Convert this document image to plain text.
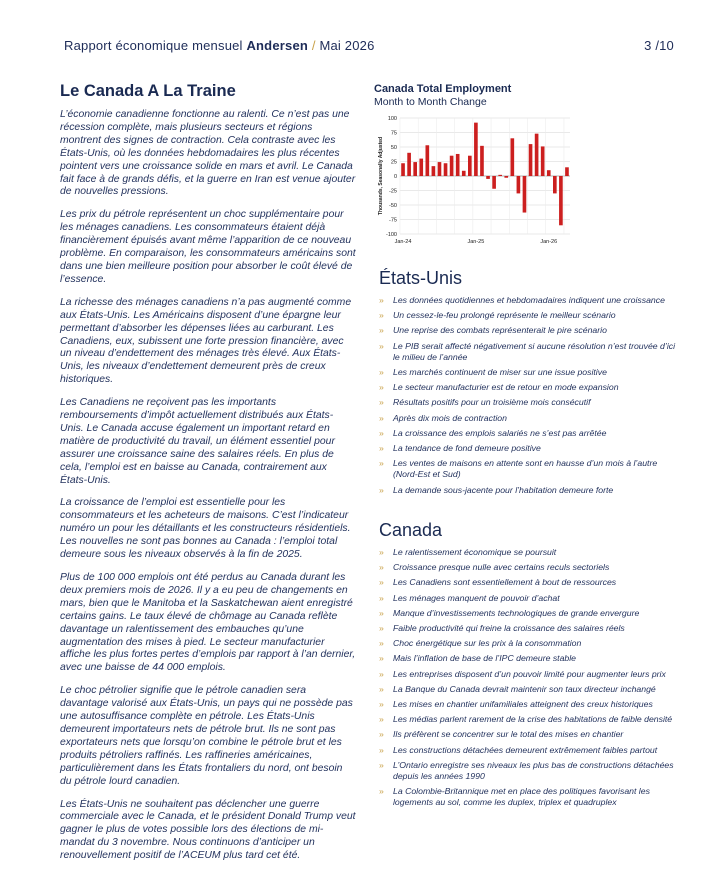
Rapport économique mensuel Andersen / Mai 2026	3 /10
Le Canada A La Traine

L’économie canadienne fonctionne au ralenti. Ce n’est pas une récession complète, mais plusieurs secteurs et régions montrent des signes de contraction. Cela contraste avec les États-Unis, où les données hebdomadaires les plus récentes pointent vers une croissance solide en mars et avril. Le Canada fait face à de grands défis, et la guerre en Iran est venue ajouter de nouvelles pressions.

Les prix du pétrole représentent un choc supplémentaire pour les ménages canadiens. Les consommateurs étaient déjà financièrement épuisés avant même l’apparition de ce nouveau problème. En comparaison, les consommateurs américains sont dans une bien meilleure position pour absorber le coût élevé de l’essence.

La richesse des ménages canadiens n’a pas augmenté comme aux États-Unis. Les Américains disposent d’une épargne leur permettant d’absorber les dépenses liées au carburant. Les Canadiens, eux, subissent une forte pression financière, avec un niveau d’endettement des ménages très élevé. Aux États-Unis, les niveaux d’endettement demeurent près de creux historiques.

Les Canadiens ne reçoivent pas les importants remboursements d’impôt actuellement distribués aux États-Unis. Le Canada accuse également un important retard en matière de productivité du travail, un élément essentiel pour assurer une croissance saine des salaires réels. En plus de cela, l’emploi est en baisse au Canada, contrairement aux États-Unis.

La croissance de l’emploi est essentielle pour les consommateurs et les acheteurs de maisons. C’est l’indicateur numéro un pour les détaillants et les constructeurs résidentiels. Les nouvelles ne sont pas bonnes au Canada : l’emploi total demeure sous les niveaux observés à la fin de 2025.

Plus de 100 000 emplois ont été perdus au Canada durant les deux premiers mois de 2026. Il y a eu peu de changements en mars, bien que le Manitoba et la Saskatchewan aient enregistré certains gains. Le taux élevé de chômage au Canada reflète davantage un ralentissement des embauches qu’une augmentation des mises à pied. Le secteur manufacturier affiche les plus fortes pertes d’emplois par rapport à l’an dernier, avec une baisse de 44 000 emplois.

Le choc pétrolier signifie que le pétrole canadien sera davantage valorisé aux États-Unis, un pays qui ne possède pas une autosuffisance complète en pétrole. Les États-Unis demeurent importateurs nets de pétrole brut. Ils ne sont pas exportateurs nets que lorsqu’on combine le pétrole brut et les produits pétroliers raffinés. Les raffineries américaines, particulièrement dans les États frontaliers du nord, ont besoin du pétrole lourd canadien.

Les États-Unis ne souhaitent pas déclencher une guerre commerciale avec le Canada, et le président Donald Trump veut gagner le plus de votes possible lors des élections de mi-mandat du 3 novembre. Nous continuons d’anticiper un renouvellement positif de l’ACEUM plus tard cet été.

Canada Total Employment
Month to Month Change
100
75
50
25
0
-25
-50
-75
-100
Jan-24	Jan-25	Jan-26
Thousands, Seasonally Adjusted
États-Unis
» Les données quotidiennes et hebdomadaires indiquent une croissance
» Un cessez-le-feu prolongé représente le meilleur scénario
» Une reprise des combats représenterait le pire scénario
» Le PIB serait affecté négativement si aucune résolution n’est trouvée d’ici le milieu de l’année
» Les marchés continuent de miser sur une issue positive
» Le secteur manufacturier est de retour en mode expansion
» Résultats positifs pour un troisième mois consécutif
» Après dix mois de contraction
» La croissance des emplois salariés ne s’est pas arrêtée
» La tendance de fond demeure positive
» Les ventes de maisons en attente sont en hausse d’un mois à l’autre (Nord-Est et Sud)
» La demande sous-jacente pour l’habitation demeure forte
Canada
» Le ralentissement économique se poursuit
» Croissance presque nulle avec certains reculs sectoriels
» Les Canadiens sont essentiellement à bout de ressources
» Les ménages manquent de pouvoir d’achat
» Manque d’investissements technologiques de grande envergure
» Faible productivité qui freine la croissance des salaires réels
» Choc énergétique sur les prix à la consommation
» Mais l’inflation de base de l’IPC demeure stable
» Les entreprises disposent d’un pouvoir limité pour augmenter leurs prix
» La Banque du Canada devrait maintenir son taux directeur inchangé
» Les mises en chantier unifamiliales atteignent des creux historiques
» Les médias parlent rarement de la crise des habitations de faible densité
» Ils préfèrent se concentrer sur le total des mises en chantier
» Les constructions détachées demeurent extrêmement faibles partout
» L’Ontario enregistre ses niveaux les plus bas de constructions détachées depuis les années 1990
» La Colombie-Britannique met en place des politiques favorisant les logements au sol, comme les duplex, triplex et quadruplex
